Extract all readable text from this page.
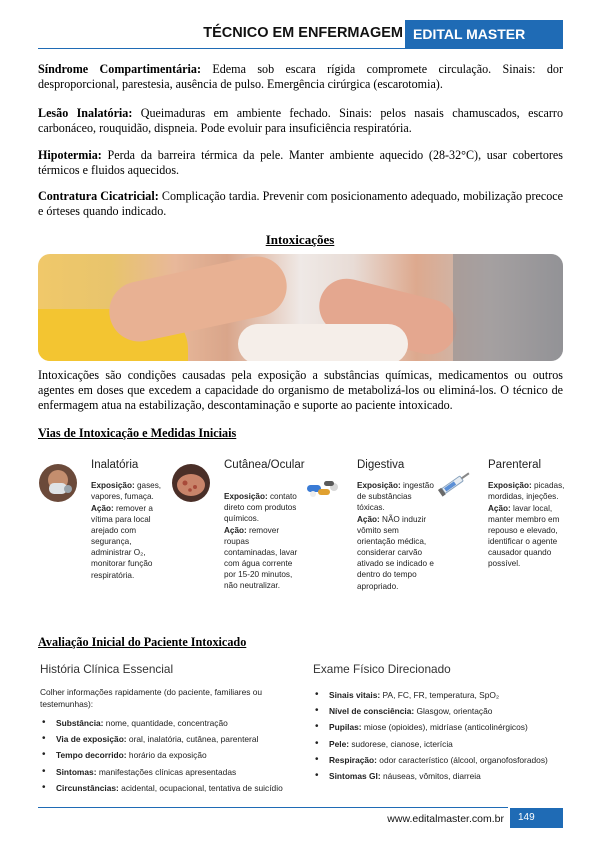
TÉCNICO EM ENFERMAGEM EDITAL MASTER

Síndrome Compartimentária: Edema sob escara rígida compromete circulação. Sinais: dor desproporcional, parestesia, ausência de pulso. Emergência cirúrgica (escarotomia).

Lesão Inalatória: Queimaduras em ambiente fechado. Sinais: pelos nasais chamuscados, escarro carbonáceo, rouquidão, dispneia. Pode evoluir para insuficiência respiratória.

Hipotermia: Perda da barreira térmica da pele. Manter ambiente aquecido (28-32°C), usar cobertores térmicos e fluidos aquecidos.

Contratura Cicatricial: Complicação tardia. Prevenir com posicionamento adequado, mobilização precoce e órteses quando indicado.

Intoxicações

Intoxicações são condições causadas pela exposição a substâncias químicas, medicamentos ou outros agentes em doses que excedem a capacidade do organismo de metabolizá-los ou eliminá-los. O técnico de enfermagem atua na estabilização, descontaminação e suporte ao paciente intoxicado.

Vias de Intoxicação e Medidas Iniciais
Inalatória
Exposição: gases, vapores, fumaça.
Ação: remover a vítima para local arejado com segurança, administrar O₂, monitorar função respiratória.
Cutânea/Ocular
Exposição: contato direto com produtos químicos.
Ação: remover roupas contaminadas, lavar com água corrente por 15-20 minutos, não neutralizar.
Digestiva
Exposição: ingestão de substâncias tóxicas.
Ação: NÃO induzir vômito sem orientação médica, considerar carvão ativado se indicado e dentro do tempo apropriado.
Parenteral
Exposição: picadas, mordidas, injeções.
Ação: lavar local, manter membro em repouso e elevado, identificar o agente causador quando possível.
Avaliação Inicial do Paciente Intoxicado
História Clínica Essencial
Colher informações rapidamente (do paciente, familiares ou testemunhas):
• Substância: nome, quantidade, concentração
• Via de exposição: oral, inalatória, cutânea, parenteral
• Tempo decorrido: horário da exposição
• Sintomas: manifestações clínicas apresentadas
• Circunstâncias: acidental, ocupacional, tentativa de suicídio
Exame Físico Direcionado
• Sinais vitais: PA, FC, FR, temperatura, SpO₂
• Nível de consciência: Glasgow, orientação
• Pupilas: miose (opioides), midríase (anticolinérgicos)
• Pele: sudorese, cianose, icterícia
• Respiração: odor característico (álcool, organofosforados)
• Sintomas GI: náuseas, vômitos, diarreia
www.editalmaster.com.br	149
